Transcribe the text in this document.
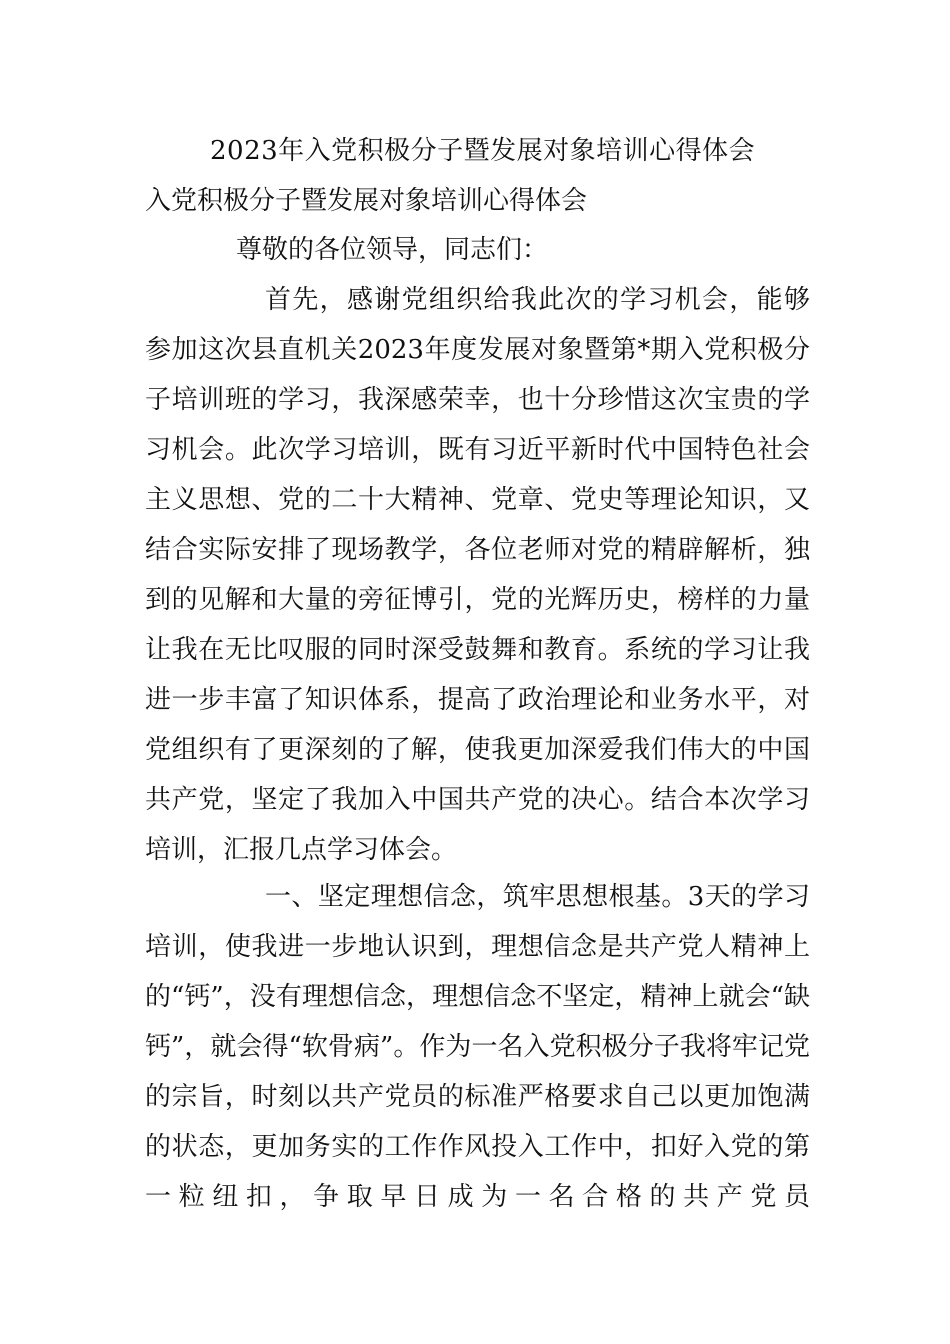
2023年入党积极分子暨发展对象培训心得体会
入党积极分子暨发展对象培训心得体会
尊敬的各位领导，同志们：

首先，感谢党组织给我此次的学习机会，能够参加这次县直机关2023年度发展对象暨第*期入党积极分子培训班的学习，我深感荣幸，也十分珍惜这次宝贵的学习机会。此次学习培训，既有习近平新时代中国特色社会主义思想、党的二十大精神、党章、党史等理论知识，又结合实际安排了现场教学，各位老师对党的精辟解析，独到的见解和大量的旁征博引，党的光辉历史，榜样的力量让我在无比叹服的同时深受鼓舞和教育。系统的学习让我进一步丰富了知识体系，提高了政治理论和业务水平，对党组织有了更深刻的了解，使我更加深爱我们伟大的中国共产党，坚定了我加入中国共产党的决心。结合本次学习
培训，汇报几点学习体会。

一、坚定理想信念，筑牢思想根基。3天的学习培训，使我进一步地认识到，理想信念是共产党人精神上的“钙”，没有理想信念，理想信念不坚定，精神上就会“缺钙”，就会得“软骨病”。作为一名入党积极分子我将牢记党的宗旨，时刻以共产党员的标准严格要求自己以更加饱满的状态，更加务实的工作作风投入工作中，扣好入党的第一粒纽扣，争取早日成为一名合格的共产党员
